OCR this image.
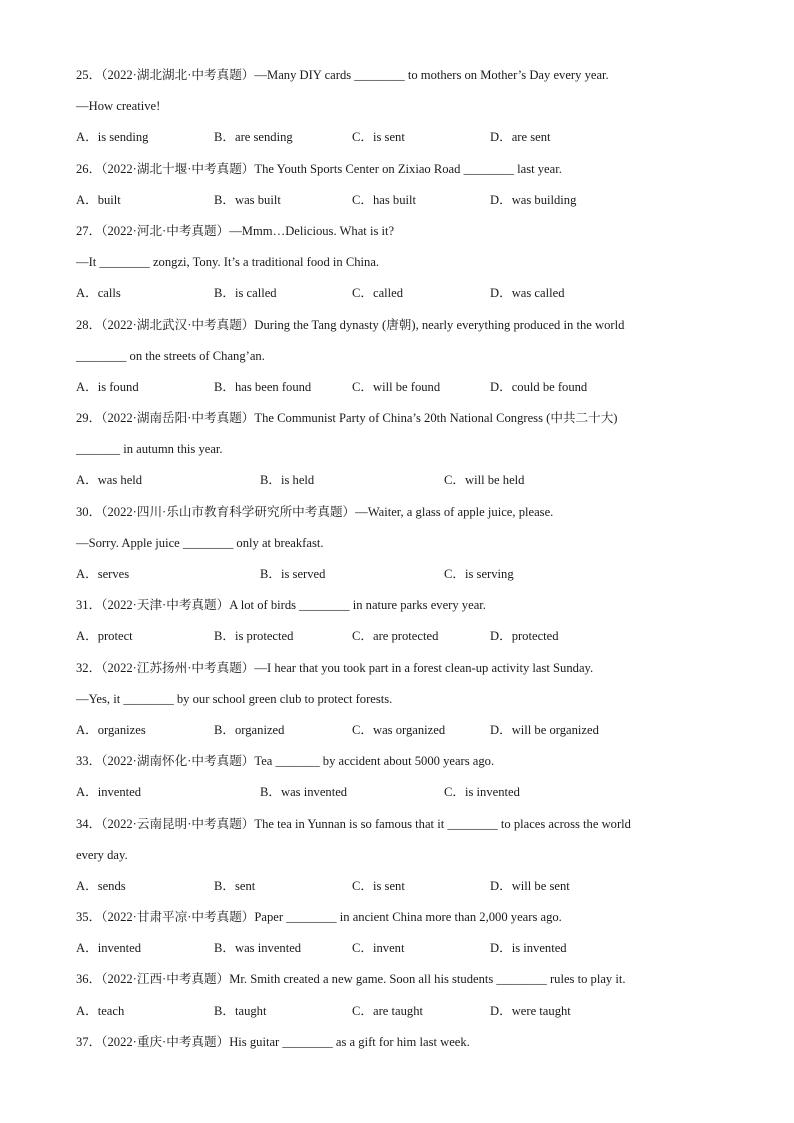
25．（2022·湖北湖北·中考真题）—Many DIY cards ________ to mothers on Mother’s Day every year.
—How creative!
A．is sending	B．are sending	C．is sent	D．are sent
26．（2022·湖北十堰·中考真题）The Youth Sports Center on Zixiao Road ________ last year.
A．built	B．was built	C．has built	D．was building
27．（2022·河北·中考真题）—Mmm…Delicious. What is it?
—It ________ zongzi, Tony. It’s a traditional food in China.
A．calls	B．is called	C．called	D．was called
28．（2022·湖北武汉·中考真题）During the Tang dynasty (唐朝), nearly everything produced in the world
________ on the streets of Chang’an.
A．is found	B．has been found	C．will be found	D．could be found
29．（2022·湖南岳阳·中考真题）The Communist Party of China’s 20th National Congress (中共二十大)
_______ in autumn this year.
A．was held	B．is held	C．will be held
30．（2022·四川·乐山市教育科学研究所中考真题）—Waiter, a glass of apple juice, please.
—Sorry. Apple juice ________ only at breakfast.
A．serves	B．is served	C．is serving
31．（2022·天津·中考真题）A lot of birds ________ in nature parks every year.
A．protect	B．is protected	C．are protected	D．protected
32．（2022·江苏扬州·中考真题）—I hear that you took part in a forest clean-up activity last Sunday.
—Yes, it ________ by our school green club to protect forests.
A．organizes	B．organized	C．was organized	D．will be organized
33．（2022·湖南怀化·中考真题）Tea _______ by accident about 5000 years ago.
A．invented	B．was invented	C．is invented
34．（2022·云南昆明·中考真题）The tea in Yunnan is so famous that it ________ to places across the world
every day.
A．sends	B．sent	C．is sent	D．will be sent
35．（2022·甘肃平凉·中考真题）Paper ________ in ancient China more than 2,000 years ago.
A．invented	B．was invented	C．invent	D．is invented
36．（2022·江西·中考真题）Mr. Smith created a new game. Soon all his students ________ rules to play it.
A．teach	B．taught	C．are taught	D．were taught
37．（2022·重庆·中考真题）His guitar ________ as a gift for him last week.
